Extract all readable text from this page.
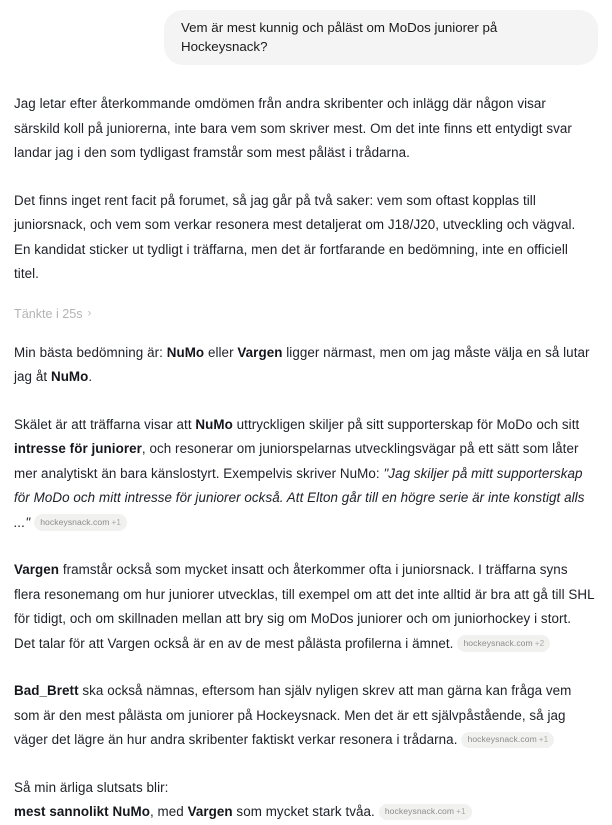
Vem är mest kunnig och påläst om MoDos juniorer på Hockeysnack?

Jag letar efter återkommande omdömen från andra skribenter och inlägg där någon visar särskild koll på juniorerna, inte bara vem som skriver mest. Om det inte finns ett entydigt svar landar jag i den som tydligast framstår som mest påläst i trådarna.

Det finns inget rent facit på forumet, så jag går på två saker: vem som oftast kopplas till juniorsnack, och vem som verkar resonera mest detaljerat om J18/J20, utveckling och vägval. En kandidat sticker ut tydligt i träffarna, men det är fortfarande en bedömning, inte en officiell titel.

Tänkte i 25s ›

Min bästa bedömning är: NuMo eller Vargen ligger närmast, men om jag måste välja en så lutar jag åt NuMo.

Skälet är att träffarna visar att NuMo uttryckligen skiljer på sitt supporterskap för MoDo och sitt intresse för juniorer, och resonerar om juniorspelarnas utvecklingsvägar på ett sätt som låter mer analytiskt än bara känslostyrt. Exempelvis skriver NuMo: "Jag skiljer på mitt supporterskap för MoDo och mitt intresse för juniorer också. Att Elton går till en högre serie är inte konstigt alls ..." hockeysnack.com +1

Vargen framstår också som mycket insatt och återkommer ofta i juniorsnack. I träffarna syns flera resonemang om hur juniorer utvecklas, till exempel om att det inte alltid är bra att gå till SHL för tidigt, och om skillnaden mellan att bry sig om MoDos juniorer och om juniorhockey i stort. Det talar för att Vargen också är en av de mest pålästa profilerna i ämnet. hockeysnack.com +2

Bad_Brett ska också nämnas, eftersom han själv nyligen skrev att man gärna kan fråga vem som är den mest pålästa om juniorer på Hockeysnack. Men det är ett självpåstående, så jag väger det lägre än hur andra skribenter faktiskt verkar resonera i trådarna. hockeysnack.com +1

Så min ärliga slutsats blir:

mest sannolikt NuMo, med Vargen som mycket stark tvåa. hockeysnack.com +1
